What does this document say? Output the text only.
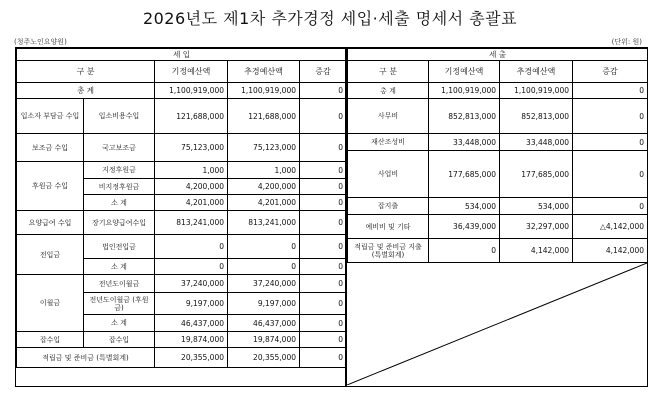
2026년도 제1차 추가경정 세입·세출 명세서 총괄표
(청주노인요양원)	(단위: 원)
세 입				
구 분		기정예산액	추경예산액	증감
총 계		1,100,919,000	1,100,919,000	0
입소자 부담금 수입	입소비용수입	121,688,000	121,688,000	0
보조금 수입	국고보조금	75,123,000	75,123,000	0
후원금 수입	지정후원금	1,000	1,000	0
	비지정후원금	4,200,000	4,200,000	0
	소 계	4,201,000	4,201,000	0
요양급여 수입	장기요양급여수입	813,241,000	813,241,000	0
전입금	법인전입금	0	0	0
	소 계	0	0	0
이월금	전년도이월금	37,240,000	37,240,000	0
	전년도이월금 (후원금)	9,197,000	9,197,000	0
	소 계	46,437,000	46,437,000	0
잡수입	잡수입	19,874,000	19,874,000	0
적립금 및 준비금 (특별회계)		20,355,000	20,355,000	0
세 출			
구 분	기정예산액	추경예산액	증감
총 계	1,100,919,000	1,100,919,000	0
사무비	852,813,000	852,813,000	0
재산조성비	33,448,000	33,448,000	0
사업비	177,685,000	177,685,000	0
잡지출	534,000	534,000	0
예비비 및 기타	36,439,000	32,297,000	△4,142,000
적립금 및 준비금 지출(특별회계)	0	4,142,000	4,142,000
